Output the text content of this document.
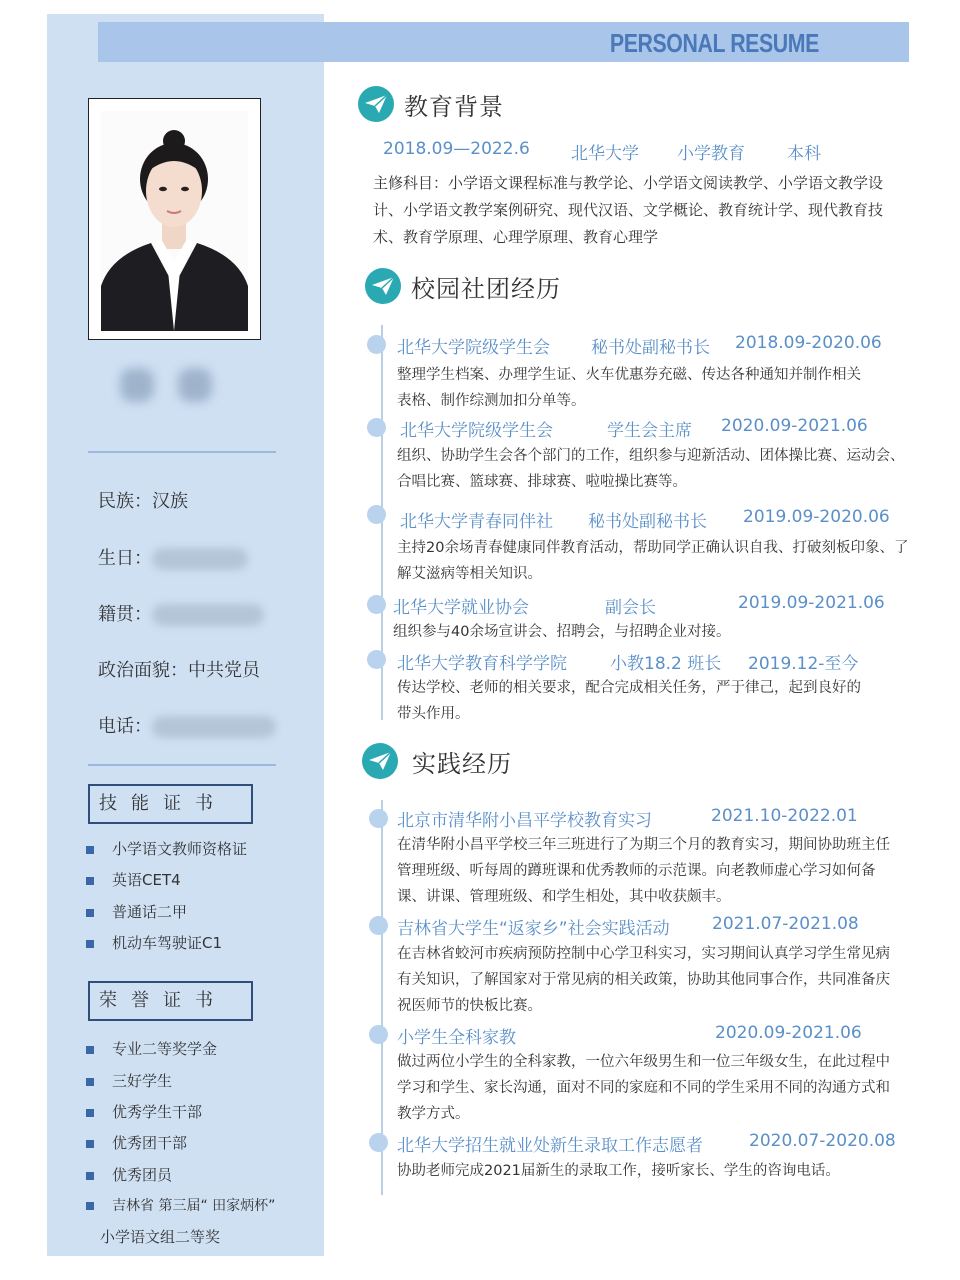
PERSONAL RESUME
民族：汉族
生日：
籍贯：
政治面貌：中共党员
电话：
技能证书
小学语文教师资格证
英语CET4
普通话二甲
机动车驾驶证C1
荣誉证书
专业二等奖学金
三好学生
优秀学生干部
优秀团干部
优秀团员
吉林省 第三届“ 田家炳杯”
小学语文组二等奖
教育背景
2018.09—2022.6 北华大学 小学教育 本科
主修科目：小学语文课程标准与教学论、小学语文阅读教学、小学语文教学设计、小学语文教学案例研究、现代汉语、文学概论、教育统计学、现代教育技术、教育学原理、心理学原理、教育心理学
校园社团经历
北华大学院级学生会 秘书处副秘书长 2018.09-2020.06
整理学生档案、办理学生证、火车优惠券充磁、传达各种通知并制作相关表格、制作综测加扣分单等。
北华大学院级学生会	学生会主席 2020.09-2021.06
组织、协助学生会各个部门的工作，组织参与迎新活动、团体操比赛、运动会、合唱比赛、篮球赛、排球赛、啦啦操比赛等。
北华大学青春同伴社 秘书处副秘书长 2019.09-2020.06
主持20余场青春健康同伴教育活动，帮助同学正确认识自我、打破刻板印象、了解艾滋病等相关知识。
北华大学就业协会	副会长	2019.09-2021.06
组织参与40余场宣讲会、招聘会，与招聘企业对接。
北华大学教育科学学院	小教18.2 班长 2019.12-至今
传达学校、老师的相关要求，配合完成相关任务，严于律己，起到良好的带头作用。
实践经历
北京市清华附小昌平学校教育实习	2021.10-2022.01
在清华附小昌平学校三年三班进行了为期三个月的教育实习，期间协助班主任管理班级、听每周的蹲班课和优秀教师的示范课。向老教师虚心学习如何备课、讲课、管理班级、和学生相处，其中收获颇丰。
吉林省大学生“返家乡”社会实践活动 2021.07-2021.08
在吉林省蛟河市疾病预防控制中心学卫科实习，实习期间认真学习学生常见病有关知识，了解国家对于常见病的相关政策，协助其他同事合作，共同准备庆祝医师节的快板比赛。
小学生全科家教	2020.09-2021.06
做过两位小学生的全科家教，一位六年级男生和一位三年级女生，在此过程中学习和学生、家长沟通，面对不同的家庭和不同的学生采用不同的沟通方式和教学方式。
北华大学招生就业处新生录取工作志愿者	2020.07-2020.08
协助老师完成2021届新生的录取工作，接听家长、学生的咨询电话。
